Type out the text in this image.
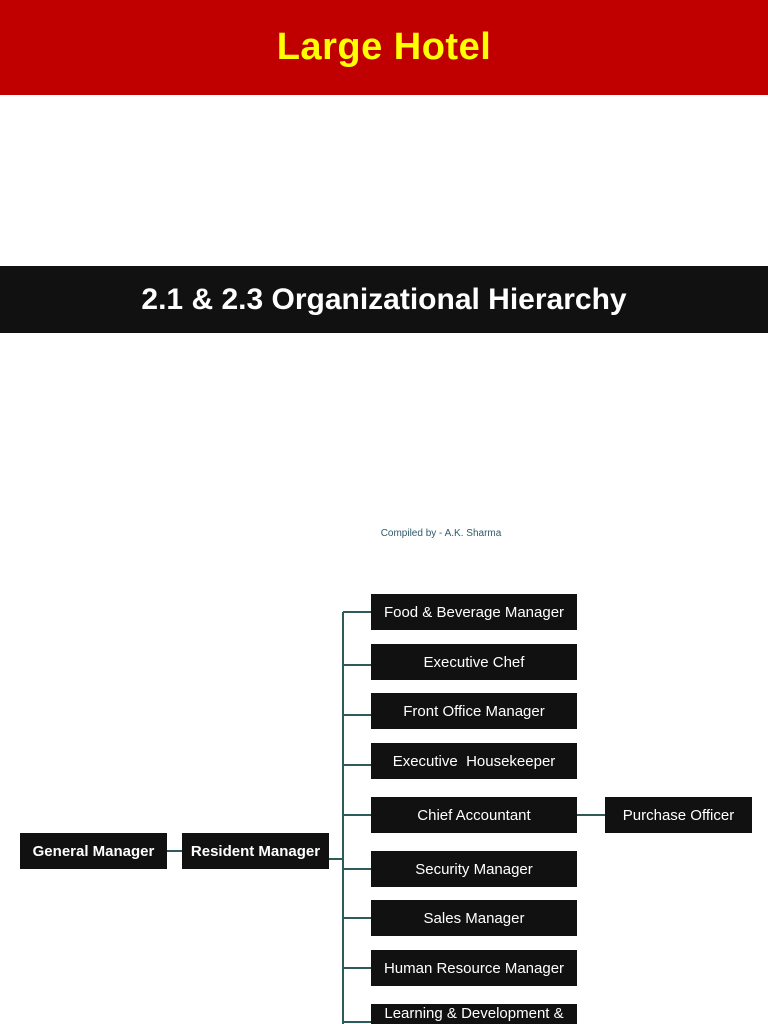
Large Hotel
2.1 & 2.3 Organizational Hierarchy
Compiled by - A.K. Sharma
General Manager	Resident Manager
Food & Beverage Manager
Executive Chef
Front Office Manager
Executive  Housekeeper
Chief Accountant
Security Manager
Sales Manager
Human Resource Manager
Learning & Development &
Purchase Officer
